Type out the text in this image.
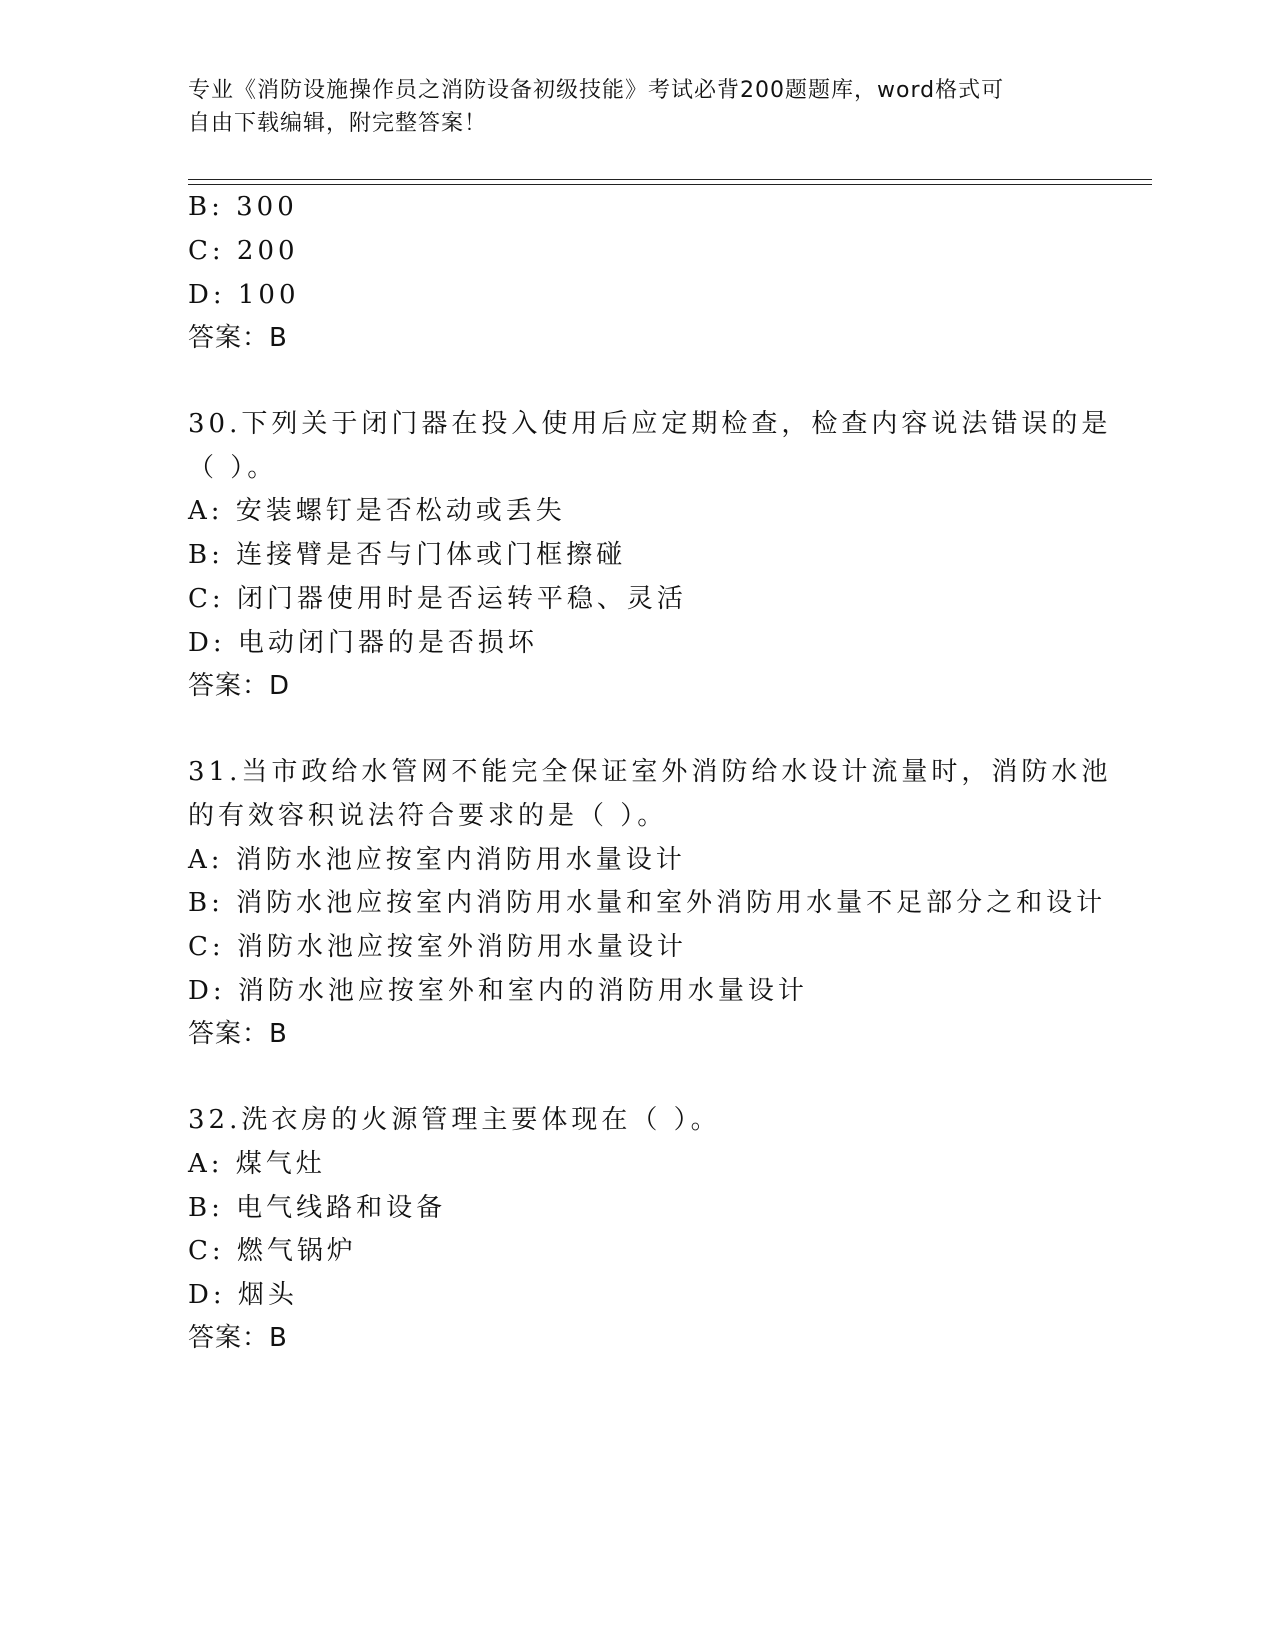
专业《消防设施操作员之消防设备初级技能》考试必背200题题库，word格式可
自由下载编辑，附完整答案！
B: 300
C: 200
D: 100
答案：B
30.下列关于闭门器在投入使用后应定期检查，检查内容说法错误的是
（ ）。
A: 安装螺钉是否松动或丢失
B: 连接臂是否与门体或门框擦碰
C: 闭门器使用时是否运转平稳、灵活
D: 电动闭门器的是否损坏
答案：D
31.当市政给水管网不能完全保证室外消防给水设计流量时，消防水池
的有效容积说法符合要求的是（ ）。
A: 消防水池应按室内消防用水量设计
B: 消防水池应按室内消防用水量和室外消防用水量不足部分之和设计
C: 消防水池应按室外消防用水量设计
D: 消防水池应按室外和室内的消防用水量设计
答案：B
32.洗衣房的火源管理主要体现在（ ）。
A: 煤气灶
B: 电气线路和设备
C: 燃气锅炉
D: 烟头
答案：B
